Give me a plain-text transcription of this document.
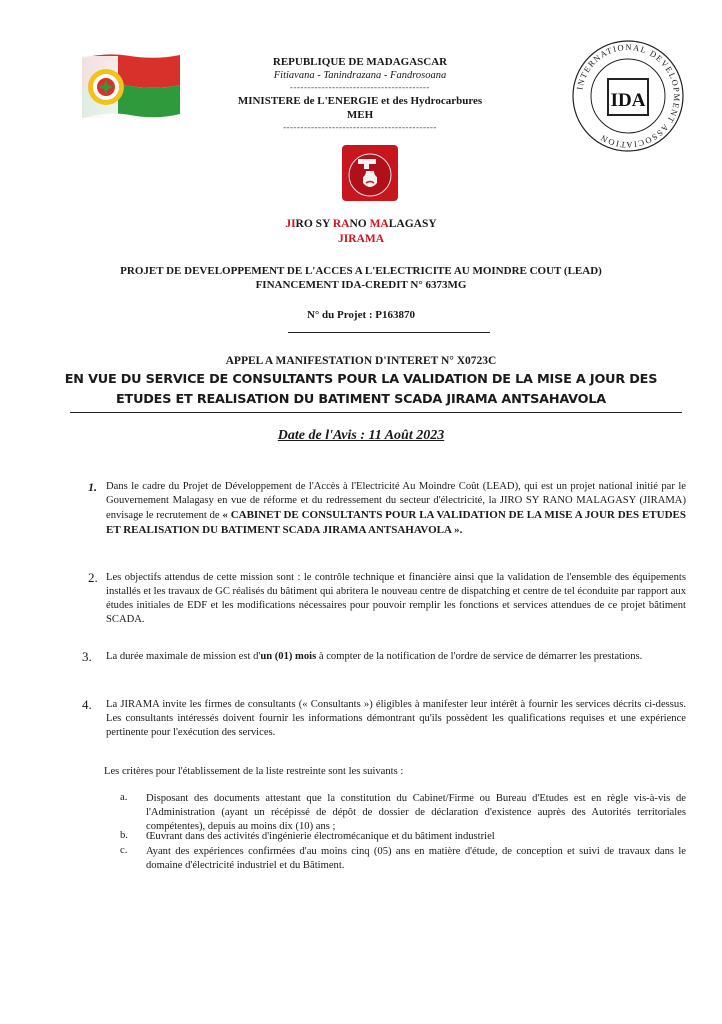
REPUBLIQUE DE MADAGASCAR
Fitiavana - Tanindrazana - Fandrosoana
----------------------------------------
MINISTERE de L'ENERGIE et des Hydrocarbures
MEH
--------------------------------------------
INTERNATIONAL DEVELOPMENT ASSOCIATION
IDA
JIRO SY RANO MALAGASY
JIRAMA
PROJET DE DEVELOPPEMENT DE L'ACCES A L'ELECTRICITE AU MOINDRE COUT (LEAD)
FINANCEMENT IDA-CREDIT N° 6373MG
N° du Projet : P163870
APPEL A MANIFESTATION D'INTERET N° X0723C
EN VUE DU SERVICE DE CONSULTANTS POUR LA VALIDATION DE LA MISE A JOUR DES
ETUDES ET REALISATION DU BATIMENT SCADA JIRAMA ANTSAHAVOLA
Date de l'Avis : 11 Août 2023
1. Dans le cadre du Projet de Développement de l'Accès à l'Electricité Au Moindre Coût (LEAD), qui est un projet national initié par le Gouvernement Malagasy en vue de réforme et du redressement du secteur d'électricité, la JIRO SY RANO MALAGASY (JIRAMA) envisage le recrutement de « CABINET DE CONSULTANTS POUR LA VALIDATION DE LA MISE A JOUR DES ETUDES ET REALISATION DU BATIMENT SCADA JIRAMA ANTSAHAVOLA ».
2. Les objectifs attendus de cette mission sont : le contrôle technique et financière ainsi que la validation de l'ensemble des équipements installés et les travaux de GC réalisés du bâtiment qui abritera le nouveau centre de dispatching et centre de tel éconduite par rapport aux études initiales de EDF et les modifications nécessaires pour pouvoir remplir les fonctions et services attendues de ce projet bâtiment SCADA.
3. La durée maximale de mission est d'un (01) mois à compter de la notification de l'ordre de service de démarrer les prestations.
4. La JIRAMA invite les firmes de consultants (« Consultants ») éligibles à manifester leur intérêt à fournir les services décrits ci-dessus. Les consultants intéressés doivent fournir les informations démontrant qu'ils possèdent les qualifications requises et une expérience pertinente pour l'exécution des services.
Les critères pour l'établissement de la liste restreinte sont les suivants :
a. Disposant des documents attestant que la constitution du Cabinet/Firme ou Bureau d'Etudes est en règle vis-à-vis de l'Administration (ayant un récépissé de dépôt de dossier de déclaration d'existence auprès des Autorités territoriales compétentes), depuis au moins dix (10) ans ;
b. Œuvrant dans des activités d'ingénierie électromécanique et du bâtiment industriel
c. Ayant des expériences confirmées d'au moins cinq (05) ans en matière d'étude, de conception et suivi de travaux dans le domaine d'électricité industriel et du Bâtiment.
